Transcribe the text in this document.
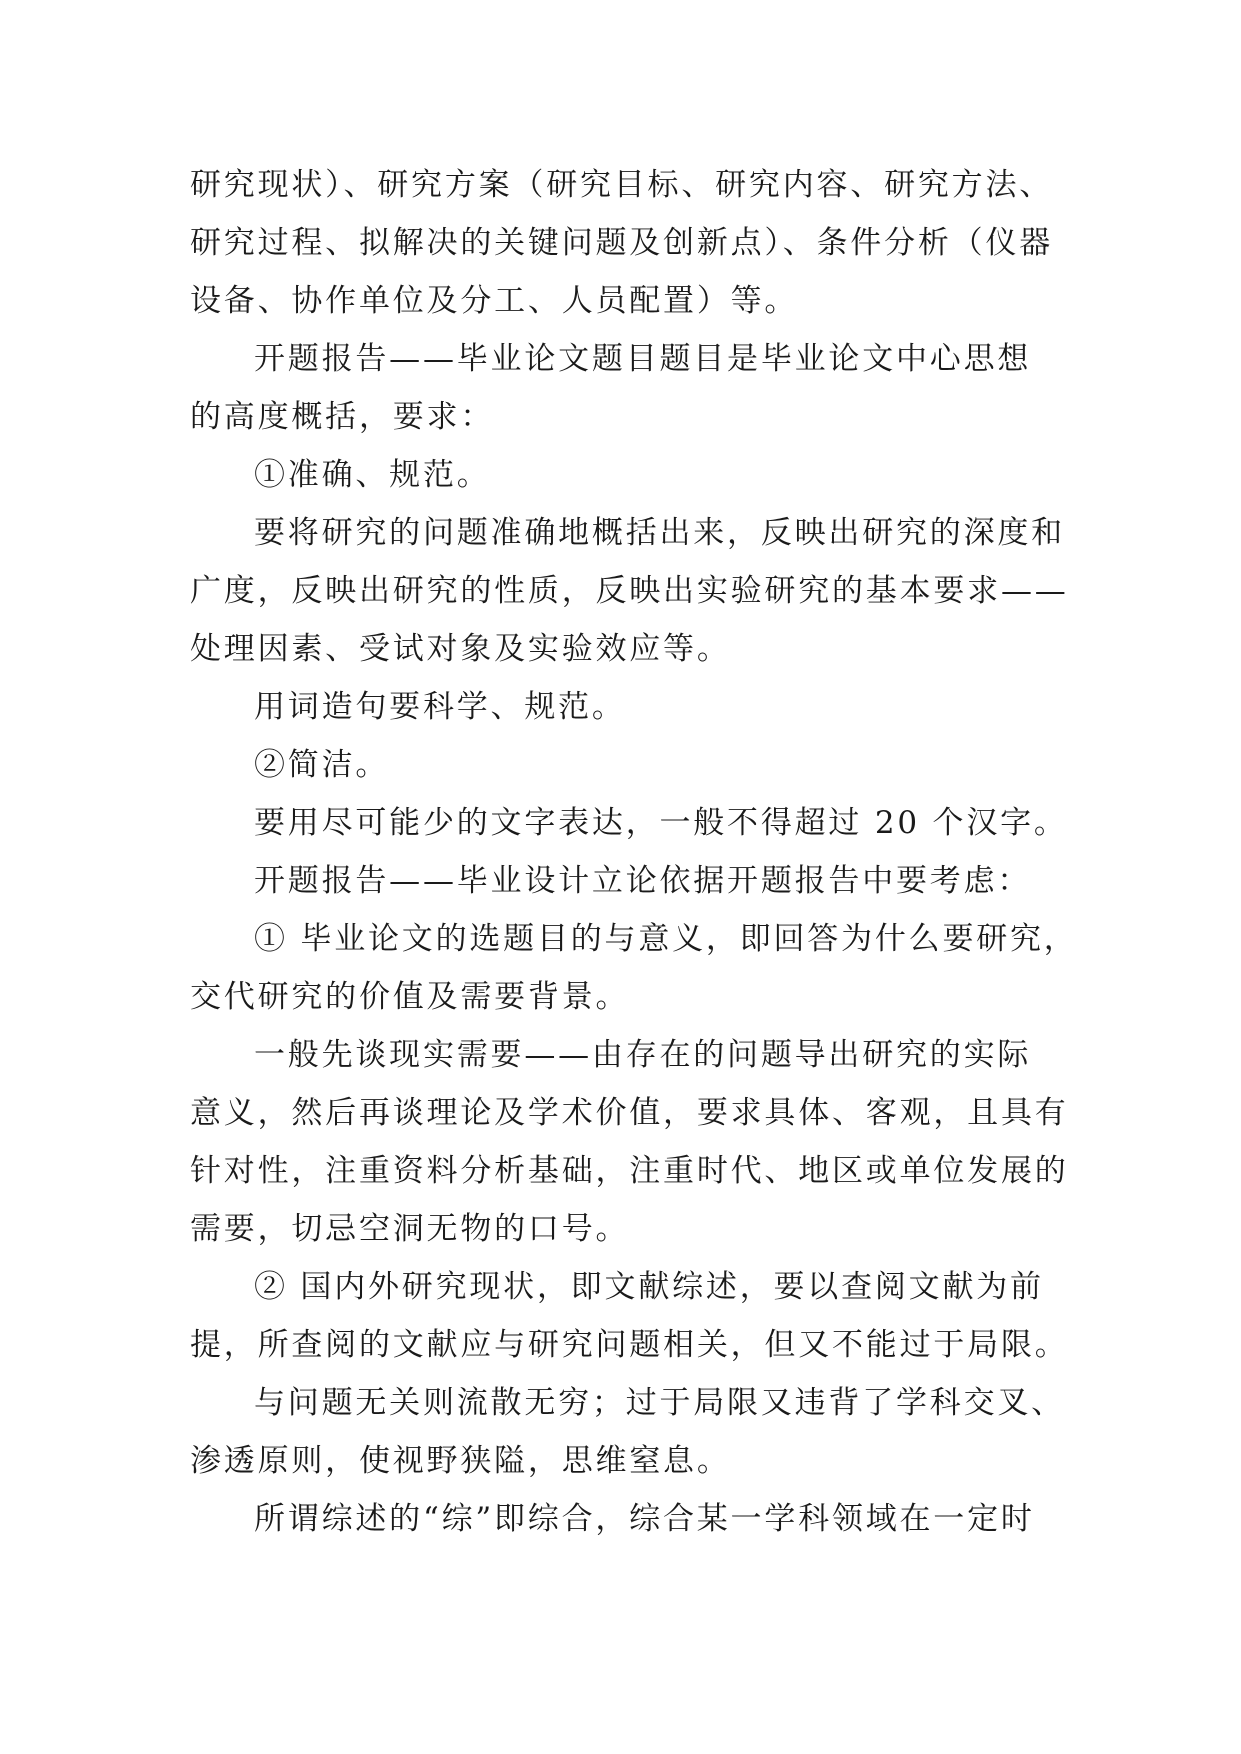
研究现状）、研究方案（研究目标、研究内容、研究方法、
研究过程、拟解决的关键问题及创新点）、条件分析（仪器
设备、协作单位及分工、人员配置）等。
开题报告——毕业论文题目题目是毕业论文中心思想
的高度概括，要求：
①准确、规范。
要将研究的问题准确地概括出来，反映出研究的深度和
广度，反映出研究的性质，反映出实验研究的基本要求——
处理因素、受试对象及实验效应等。
用词造句要科学、规范。
②简洁。
要用尽可能少的文字表达，一般不得超过 20 个汉字。
开题报告——毕业设计立论依据开题报告中要考虑：
① 毕业论文的选题目的与意义，即回答为什么要研究，
交代研究的价值及需要背景。
一般先谈现实需要——由存在的问题导出研究的实际
意义，然后再谈理论及学术价值，要求具体、客观，且具有
针对性，注重资料分析基础，注重时代、地区或单位发展的
需要，切忌空洞无物的口号。
② 国内外研究现状，即文献综述，要以查阅文献为前
提，所查阅的文献应与研究问题相关，但又不能过于局限。
与问题无关则流散无穷；过于局限又违背了学科交叉、
渗透原则，使视野狭隘，思维窒息。
所谓综述的“综”即综合，综合某一学科领域在一定时
